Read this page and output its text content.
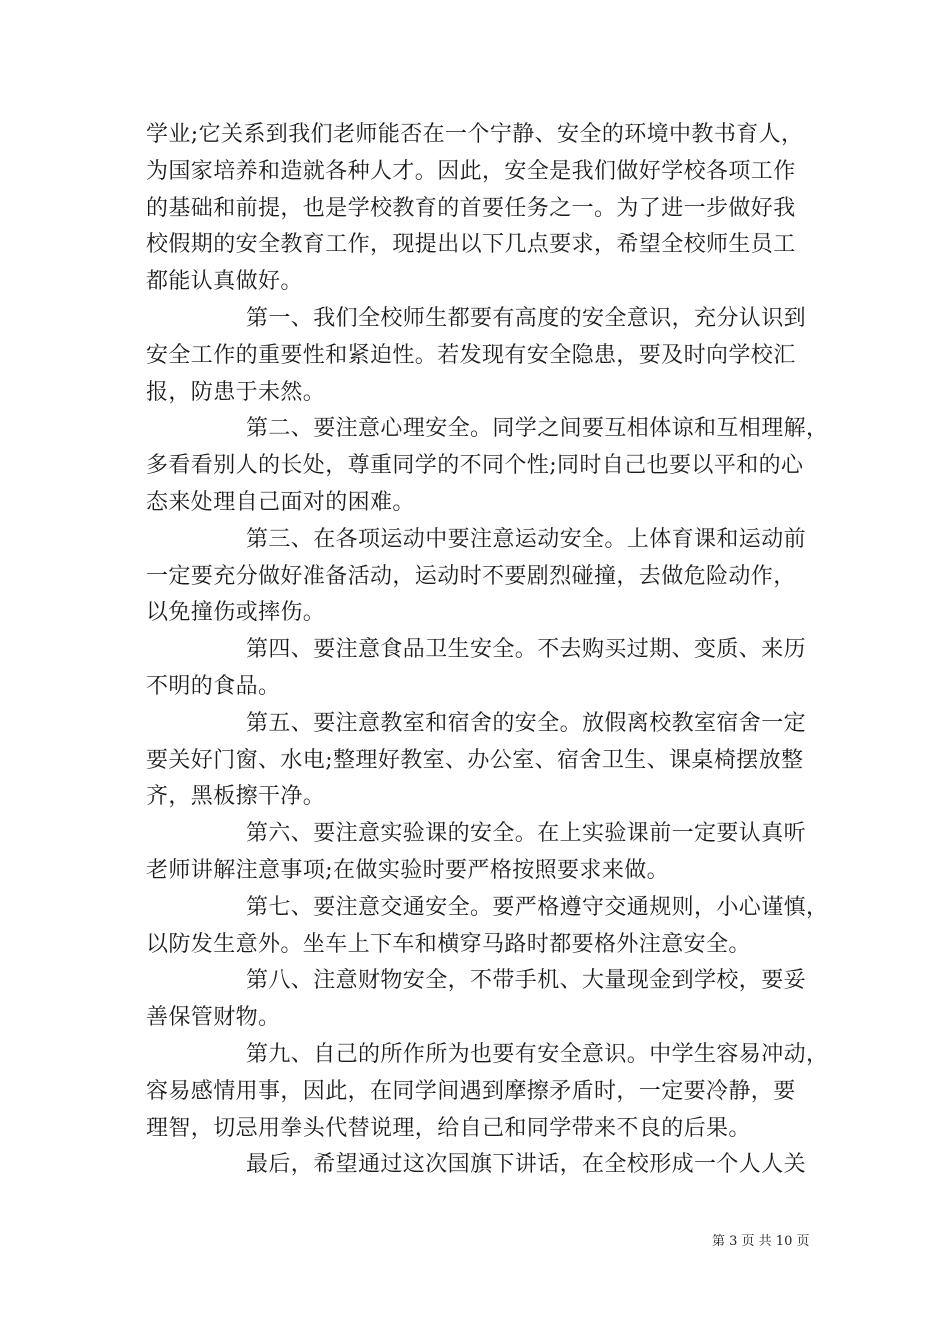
学业;它关系到我们老师能否在一个宁静、安全的环境中教书育人，
为国家培养和造就各种人才。因此，安全是我们做好学校各项工作
的基础和前提，也是学校教育的首要任务之一。为了进一步做好我
校假期的安全教育工作，现提出以下几点要求，希望全校师生员工
都能认真做好。
第一、我们全校师生都要有高度的安全意识，充分认识到
安全工作的重要性和紧迫性。若发现有安全隐患，要及时向学校汇
报，防患于未然。
第二、要注意心理安全。同学之间要互相体谅和互相理解，
多看看别人的长处，尊重同学的不同个性;同时自己也要以平和的心
态来处理自己面对的困难。
第三、在各项运动中要注意运动安全。上体育课和运动前
一定要充分做好准备活动，运动时不要剧烈碰撞，去做危险动作，
以免撞伤或摔伤。
第四、要注意食品卫生安全。不去购买过期、变质、来历
不明的食品。
第五、要注意教室和宿舍的安全。放假离校教室宿舍一定
要关好门窗、水电;整理好教室、办公室、宿舍卫生、课桌椅摆放整
齐，黑板擦干净。
第六、要注意实验课的安全。在上实验课前一定要认真听
老师讲解注意事项;在做实验时要严格按照要求来做。
第七、要注意交通安全。要严格遵守交通规则，小心谨慎，
以防发生意外。坐车上下车和横穿马路时都要格外注意安全。
第八、注意财物安全，不带手机、大量现金到学校，要妥
善保管财物。
第九、自己的所作所为也要有安全意识。中学生容易冲动，
容易感情用事，因此，在同学间遇到摩擦矛盾时，一定要冷静，要
理智，切忌用拳头代替说理，给自己和同学带来不良的后果。
最后，希望通过这次国旗下讲话，在全校形成一个人人关
第 3 页 共 10 页
